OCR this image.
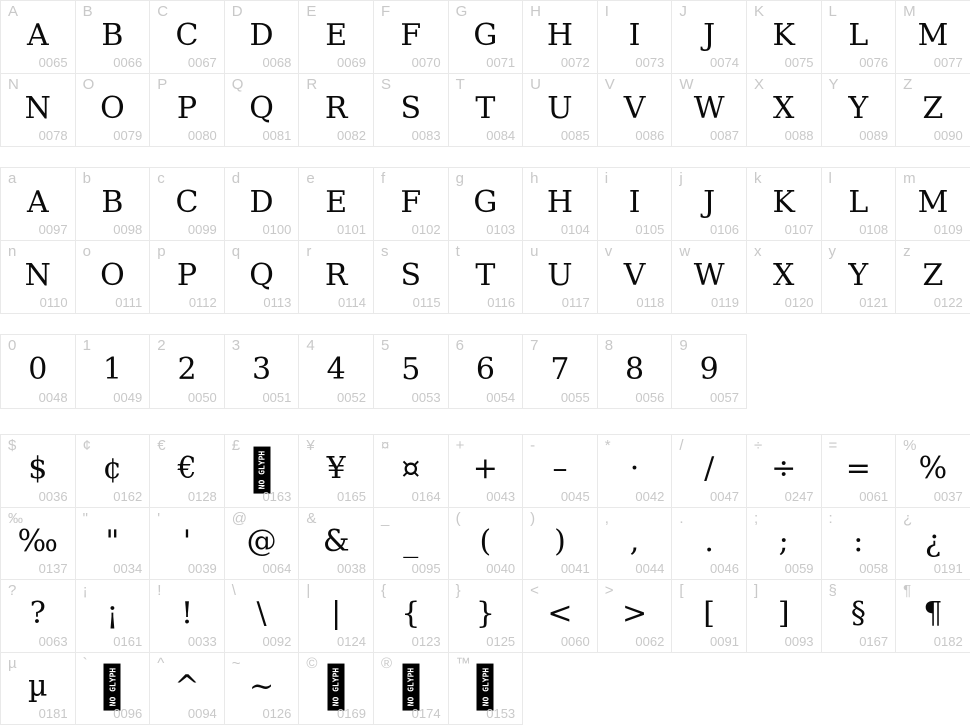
A
A
0065
B
B
0066
C
C
0067
D
D
0068
E
E
0069
F
F
0070
G
G
0071
H
H
0072
I
I
0073
J
J
0074
K
K
0075
L
L
0076
M
M
0077
N
N
0078
O
O
0079
P
P
0080
Q
Q
0081
R
R
0082
S
S
0083
T
T
0084
U
U
0085
V
V
0086
W
W
0087
X
X
0088
Y
Y
0089
Z
Z
0090
a
A
0097
b
B
0098
c
C
0099
d
D
0100
e
E
0101
f
F
0102
g
G
0103
h
H
0104
i
I
0105
j
J
0106
k
K
0107
l
L
0108
m
M
0109
n
N
0110
o
O
0111
p
P
0112
q
Q
0113
r
R
0114
s
S
0115
t
T
0116
u
U
0117
v
V
0118
w
W
0119
x
X
0120
y
Y
0121
z
Z
0122
0
0
0048
1
1
0049
2
2
0050
3
3
0051
4
4
0052
5
5
0053
6
6
0054
7
7
0055
8
8
0056
9
9
0057
$
$
0036
¢
¢
0162
€
€
0128
£
NO GLYPH
0163
¥
¥
0165
¤
¤
0164
+
+
0043
-
–
0045
*
·
0042
/
/
0047
÷
÷
0247
=
=
0061
%
%
0037
‰
‰
0137
"
"
0034
'
'
0039
@
@
0064
&
&
0038
_
_
0095
(
(
0040
)
)
0041
,
,
0044
.
.
0046
;
;
0059
:
:
0058
¿
¿
0191
?
?
0063
¡
¡
0161
!
!
0033
\
\
0092
|
|
0124
{
{
0123
}
}
0125
<
<
0060
>
>
0062
[
[
0091
]
]
0093
§
§
0167
¶
¶
0182
µ
µ
0181
`
NO GLYPH
0096
^
^
0094
~
~
0126
©
NO GLYPH
0169
®
NO GLYPH
0174
™
NO GLYPH
0153
